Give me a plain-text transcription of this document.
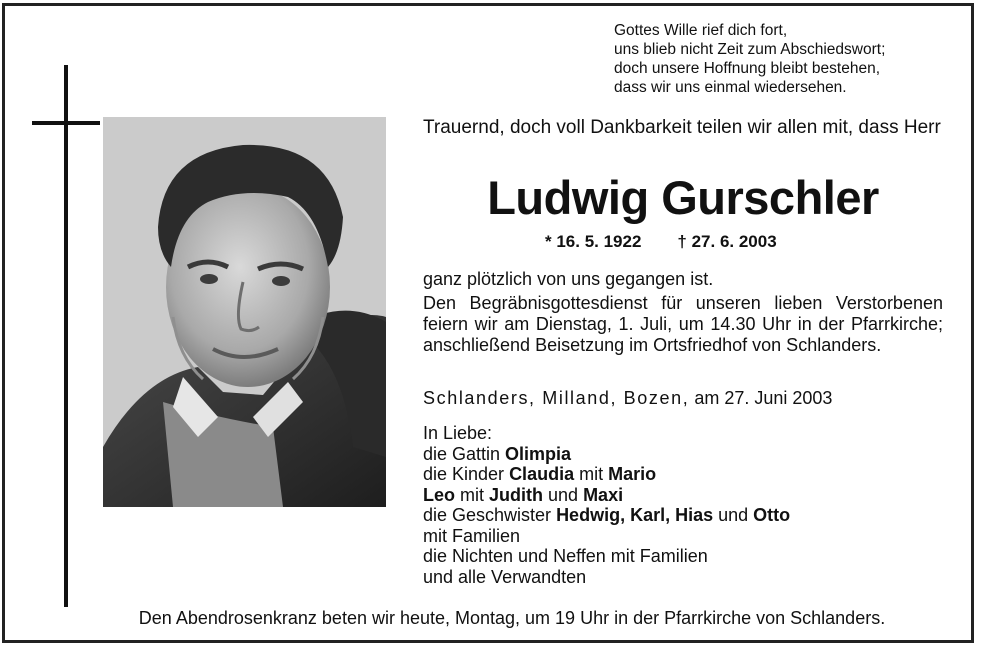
Gottes Wille rief dich fort,
uns blieb nicht Zeit zum Abschiedswort;
doch unsere Hoffnung bleibt bestehen,
dass wir uns einmal wiedersehen.
Trauernd, doch voll Dankbarkeit teilen wir allen mit, dass Herr
Ludwig Gurschler
* 16. 5. 1922 † 27. 6. 2003

ganz plötzlich von uns gegangen ist.

Den Begräbnisgottesdienst für unseren lieben Verstorbenen feiern wir am Dienstag, 1. Juli, um 14.30 Uhr in der Pfarrkirche; anschließend Beisetzung im Ortsfriedhof von Schlanders.

Schlanders, Milland, Bozen, am 27. Juni 2003
In Liebe:
die Gattin Olimpia
die Kinder Claudia mit Mario
Leo mit Judith und Maxi
die Geschwister Hedwig, Karl, Hias und Otto
mit Familien
die Nichten und Neffen mit Familien
und alle Verwandten
Den Abendrosenkranz beten wir heute, Montag, um 19 Uhr in der Pfarrkirche von Schlanders.
